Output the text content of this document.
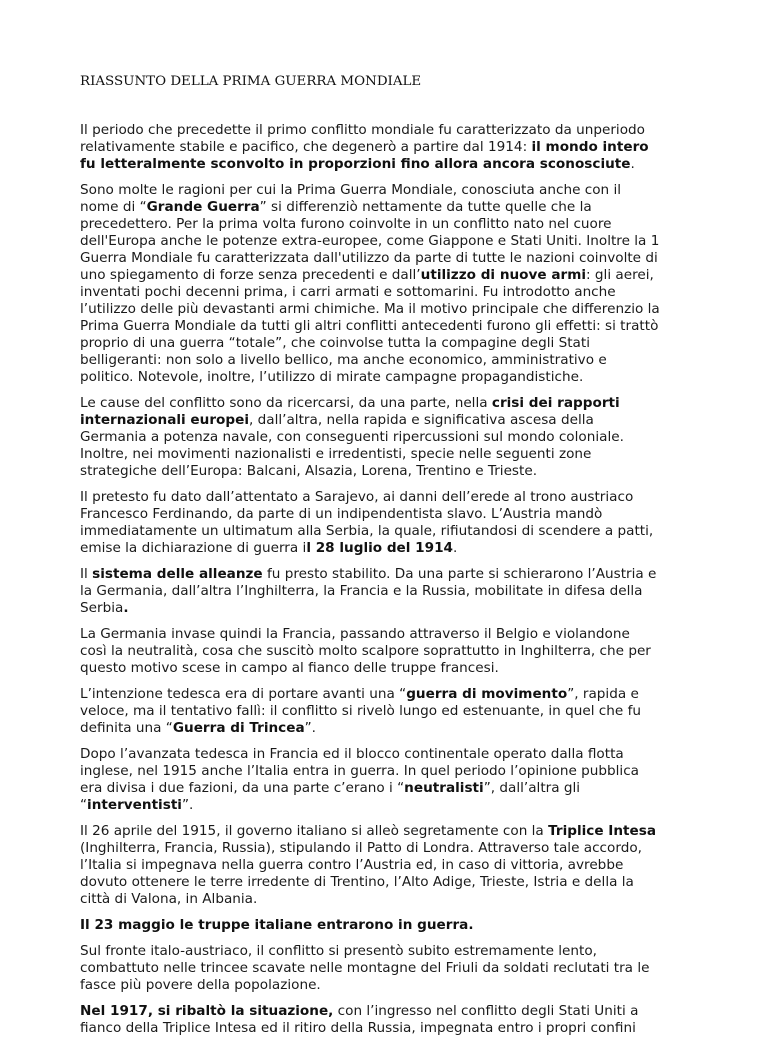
RIASSUNTO DELLA PRIMA GUERRA MONDIALE

Il periodo che precedette il primo conflitto mondiale fu caratterizzato da unperiodo
relativamente stabile e pacifico, che degenerò a partire dal 1914: il mondo intero
fu letteralmente sconvolto in proporzioni fino allora ancora sconosciute.

Sono molte le ragioni per cui la Prima Guerra Mondiale, conosciuta anche con il
nome di “Grande Guerra” si differenziò nettamente da tutte quelle che la
precedettero. Per la prima volta furono coinvolte in un conflitto nato nel cuore
dell'Europa anche le potenze extra-europee, come Giappone e Stati Uniti. Inoltre la 1
Guerra Mondiale fu caratterizzata dall'utilizzo da parte di tutte le nazioni coinvolte di
uno spiegamento di forze senza precedenti e dall’utilizzo di nuove armi: gli aerei,
inventati pochi decenni prima, i carri armati e sottomarini. Fu introdotto anche
l’utilizzo delle più devastanti armi chimiche. Ma il motivo principale che differenzio la
Prima Guerra Mondiale da tutti gli altri conflitti antecedenti furono gli effetti: si trattò
proprio di una guerra “totale”, che coinvolse tutta la compagine degli Stati
belligeranti: non solo a livello bellico, ma anche economico, amministrativo e
politico. Notevole, inoltre, l’utilizzo di mirate campagne propagandistiche.

Le cause del conflitto sono da ricercarsi, da una parte, nella crisi dei rapporti
internazionali europei, dall’altra, nella rapida e significativa ascesa della
Germania a potenza navale, con conseguenti ripercussioni sul mondo coloniale.
Inoltre, nei movimenti nazionalisti e irredentisti, specie nelle seguenti zone
strategiche dell’Europa: Balcani, Alsazia, Lorena, Trentino e Trieste.

Il pretesto fu dato dall’attentato a Sarajevo, ai danni dell’erede al trono austriaco
Francesco Ferdinando, da parte di un indipendentista slavo. L’Austria mandò
immediatamente un ultimatum alla Serbia, la quale, rifiutandosi di scendere a patti,
emise la dichiarazione di guerra il 28 luglio del 1914.

Il sistema delle alleanze fu presto stabilito. Da una parte si schierarono l’Austria e
la Germania, dall’altra l’Inghilterra, la Francia e la Russia, mobilitate in difesa della
Serbia.

La Germania invase quindi la Francia, passando attraverso il Belgio e violandone
così la neutralità, cosa che suscitò molto scalpore soprattutto in Inghilterra, che per
questo motivo scese in campo al fianco delle truppe francesi.

L’intenzione tedesca era di portare avanti una “guerra di movimento”, rapida e
veloce, ma il tentativo fallì: il conflitto si rivelò lungo ed estenuante, in quel che fu
definita una “Guerra di Trincea”.

Dopo l’avanzata tedesca in Francia ed il blocco continentale operato dalla flotta
inglese, nel 1915 anche l’Italia entra in guerra. In quel periodo l’opinione pubblica
era divisa i due fazioni, da una parte c’erano i “neutralisti”, dall’altra gli
“interventisti”.

Il 26 aprile del 1915, il governo italiano si alleò segretamente con la Triplice Intesa
(Inghilterra, Francia, Russia), stipulando il Patto di Londra. Attraverso tale accordo,
l’Italia si impegnava nella guerra contro l’Austria ed, in caso di vittoria, avrebbe
dovuto ottenere le terre irredente di Trentino, l’Alto Adige, Trieste, Istria e della la
città di Valona, in Albania.

Il 23 maggio le truppe italiane entrarono in guerra.

Sul fronte italo-austriaco, il conflitto si presentò subito estremamente lento,
combattuto nelle trincee scavate nelle montagne del Friuli da soldati reclutati tra le
fasce più povere della popolazione.

Nel 1917, si ribaltò la situazione, con l’ingresso nel conflitto degli Stati Uniti a
fianco della Triplice Intesa ed il ritiro della Russia, impegnata entro i propri confini
